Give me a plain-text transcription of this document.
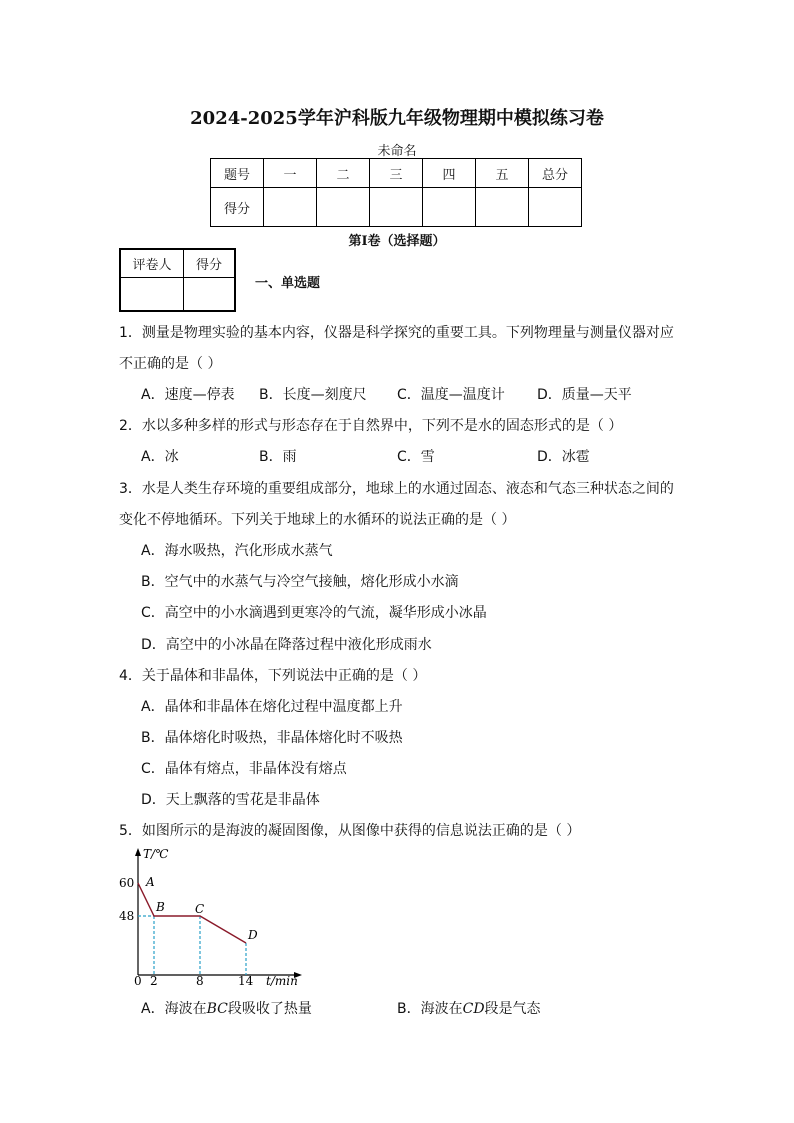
2024-2025学年沪科版九年级物理期中模拟练习卷
未命名
题号	一	二	三	四	五	总分
得分						
第Ⅰ卷（选择题）
评卷人	得分

一、单选题
1．测量是物理实验的基本内容，仪器是科学探究的重要工具。下列物理量与测量仪器对应
不正确的是（ ）
A．速度—停表 B．长度—刻度尺 C．温度—温度计 D．质量—天平
2．水以多种多样的形式与形态存在于自然界中，下列不是水的固态形式的是（ ）
A．冰	B．雨	C．雪	D．冰雹
3．水是人类生存环境的重要组成部分，地球上的水通过固态、液态和气态三种状态之间的
变化不停地循环。下列关于地球上的水循环的说法正确的是（ ）
A．海水吸热，汽化形成水蒸气
B．空气中的水蒸气与冷空气接触，熔化形成小水滴
C．高空中的小水滴遇到更寒冷的气流，凝华形成小冰晶
D．高空中的小冰晶在降落过程中液化形成雨水
4．关于晶体和非晶体，下列说法中正确的是（ ）
A．晶体和非晶体在熔化过程中温度都上升
B．晶体熔化时吸热，非晶体熔化时不吸热
C．晶体有熔点，非晶体没有熔点
D．天上飘落的雪花是非晶体
5．如图所示的是海波的凝固图像，从图像中获得的信息说法正确的是（ ）
T/℃
t/min
60
48
0 2	8	14
A
B	C
D
A．海波在BC段吸收了热量	B．海波在CD段是气态
